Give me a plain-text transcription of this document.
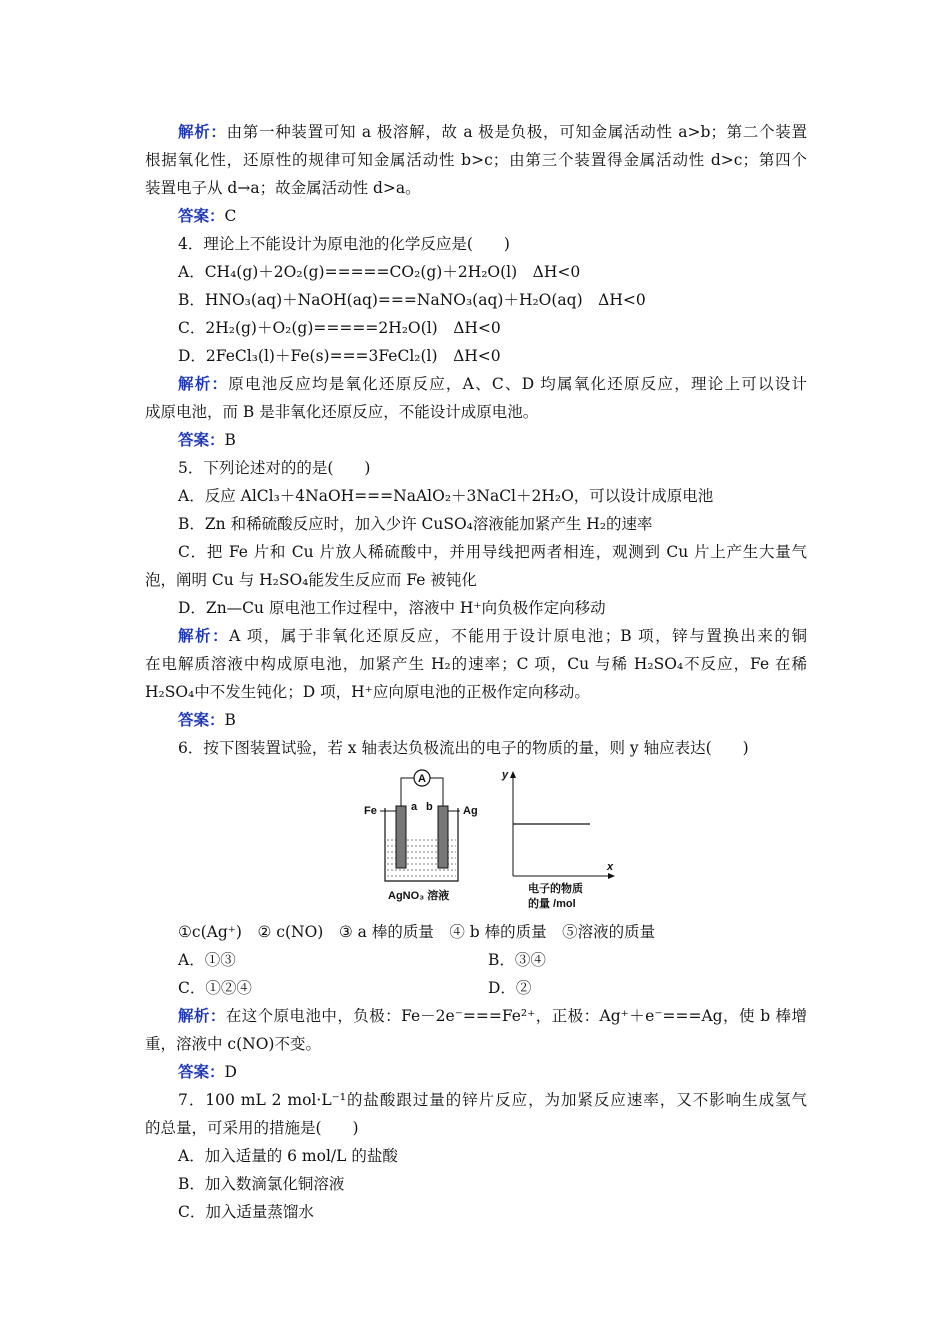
解析：由第一种装置可知 a 极溶解，故 a 极是负极，可知金属活动性 a>b；第二个装置
根据氧化性，还原性的规律可知金属活动性 b>c；由第三个装置得金属活动性 d>c；第四个
装置电子从 d→a；故金属活动性 d>a。
答案：C
4．理论上不能设计为原电池的化学反应是(　　)
A．CH₄(g)＋2O₂(g)=====CO₂(g)＋2H₂O(l)　ΔH<0
B．HNO₃(aq)＋NaOH(aq)===NaNO₃(aq)＋H₂O(aq)　ΔH<0
C．2H₂(g)＋O₂(g)=====2H₂O(l)　ΔH<0
D．2FeCl₃(l)＋Fe(s)===3FeCl₂(l)　ΔH<0
解析：原电池反应均是氧化还原反应，A、C、D 均属氧化还原反应，理论上可以设计
成原电池，而 B 是非氧化还原反应，不能设计成原电池。
答案：B
5．下列论述对的的是(　　)
A．反应 AlCl₃＋4NaOH===NaAlO₂＋3NaCl＋2H₂O，可以设计成原电池
B．Zn 和稀硫酸反应时，加入少许 CuSO₄溶液能加紧产生 H₂的速率
C．把 Fe 片和 Cu 片放人稀硫酸中，并用导线把两者相连，观测到 Cu 片上产生大量气
泡，阐明 Cu 与 H₂SO₄能发生反应而 Fe 被钝化
D．Zn—Cu 原电池工作过程中，溶液中 H⁺向负极作定向移动
解析：A 项，属于非氧化还原反应，不能用于设计原电池；B 项，锌与置换出来的铜
在电解质溶液中构成原电池，加紧产生 H₂的速率；C 项，Cu 与稀 H₂SO₄不反应，Fe 在稀
H₂SO₄中不发生钝化；D 项，H⁺应向原电池的正极作定向移动。
答案：B
6．按下图装置试验，若 x 轴表达负极流出的电子的物质的量，则 y 轴应表达(　　)
A
a b
Fe	Ag
AgNO₃ 溶液
y
x
电子的物质
的量 /mol
①c(Ag⁺)　② c(NO)　③ a 棒的质量　④ b 棒的质量　⑤溶液的质量
A．①③	B．③④
C．①②④	D．②
解析：在这个原电池中，负极：Fe－2e⁻===Fe²⁺，正极：Ag⁺＋e⁻===Ag，使 b 棒增
重，溶液中 c(NO)不变。
答案：D
7．100 mL 2 mol·L⁻¹的盐酸跟过量的锌片反应，为加紧反应速率，又不影响生成氢气
的总量，可采用的措施是(　　)
A．加入适量的 6 mol/L 的盐酸
B．加入数滴氯化铜溶液
C．加入适量蒸馏水
